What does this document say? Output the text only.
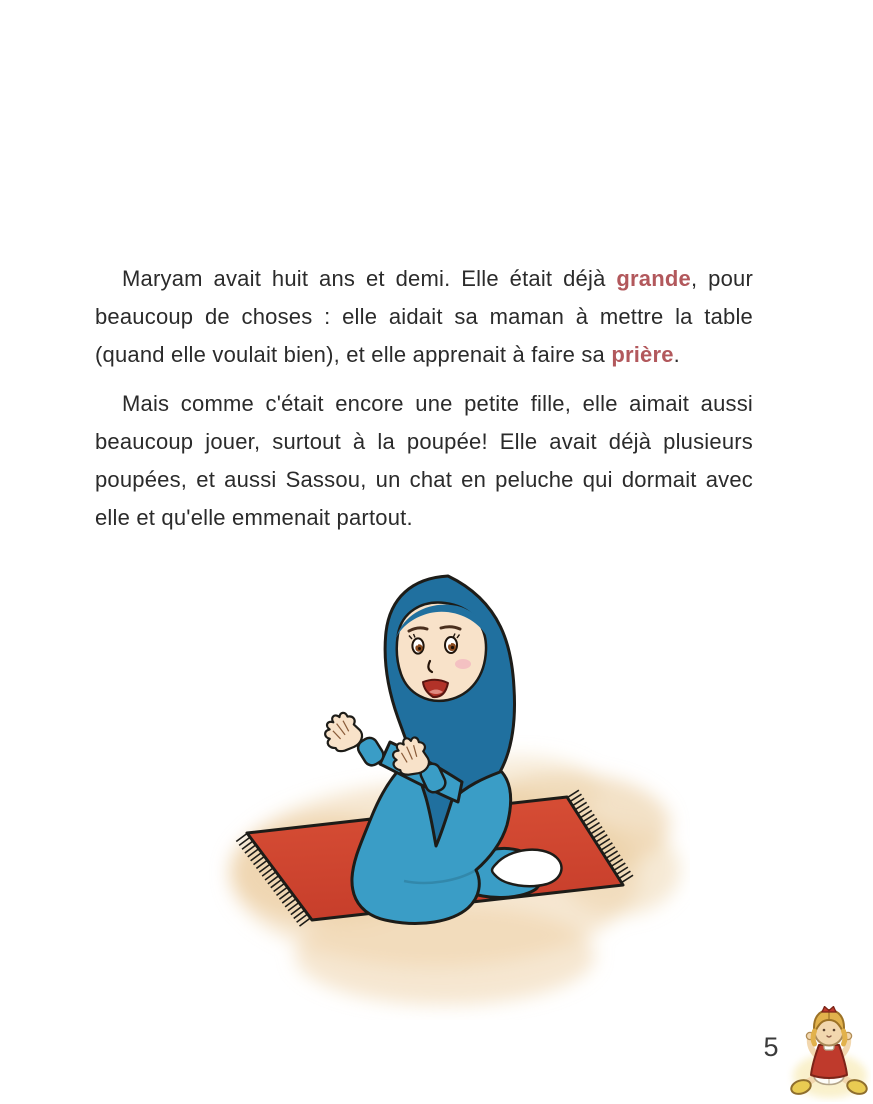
Maryam avait huit ans et demi. Elle était déjà grande, pour beaucoup de choses : elle aidait sa maman à mettre la table (quand elle voulait bien), et elle apprenait à faire sa prière.

Mais comme c'était encore une petite fille, elle aimait aussi beaucoup jouer, surtout à la poupée! Elle avait déjà plusieurs poupées, et aussi Sassou, un chat en peluche qui dormait avec elle et qu'elle emmenait partout.

5
